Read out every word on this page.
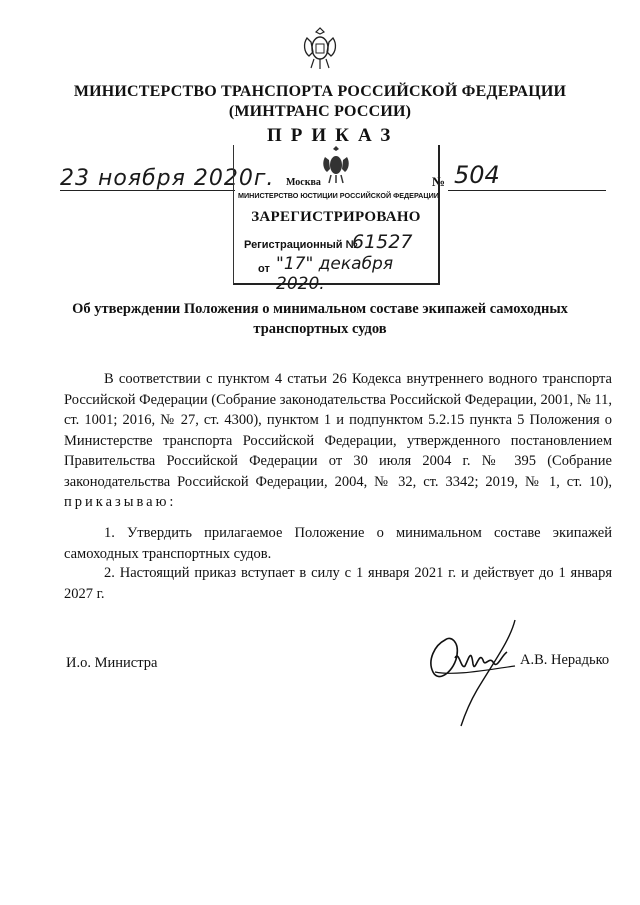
МИНИСТЕРСТВО ТРАНСПОРТА РОССИЙСКОЙ ФЕДЕРАЦИИ
(МИНТРАНС РОССИИ)
ПРИКАЗ
23 ноября 2020г. Москва	№ 504
МИНИСТЕРСТВО ЮСТИЦИИ РОССИЙСКОЙ ФЕДЕРАЦИИ
ЗАРЕГИСТРИРОВАНО
Регистрационный №
61527
от "17" декабря 2020.
Об утверждении Положения о минимальном составе экипажей самоходных
транспортных судов
В соответствии с пунктом 4 статьи 26 Кодекса внутреннего водного транспорта Российской Федерации (Собрание законодательства Российской Федерации, 2001, № 11, ст. 1001; 2016, № 27, ст. 4300), пунктом 1 и подпунктом 5.2.15 пункта 5 Положения о Министерстве транспорта Российской Федерации, утвержденного постановлением Правительства Российской Федерации от 30 июля 2004 г. № 395 (Собрание законодательства Российской Федерации, 2004, № 32, ст. 3342; 2019, № 1, ст. 10), приказываю:
1. Утвердить прилагаемое Положение о минимальном составе экипажей самоходных транспортных судов.
2. Настоящий приказ вступает в силу с 1 января 2021 г. и действует до 1 января 2027 г.
И.о. Министра	А.В. Нерадько
